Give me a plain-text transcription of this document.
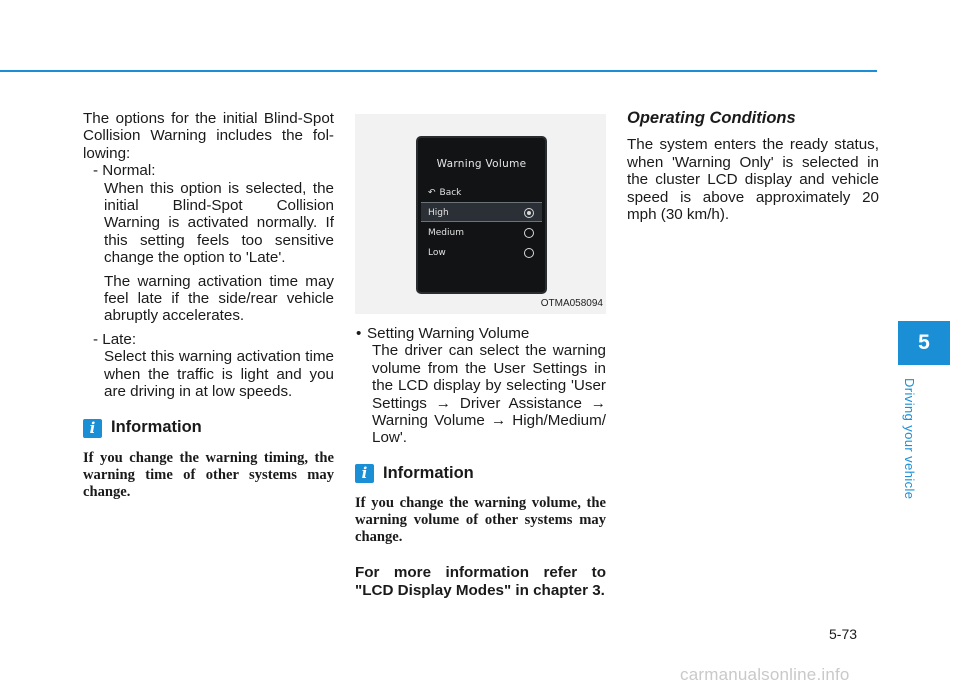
The options for the initial Blind-Spot Collision Warning includes the fol-lowing:

- Normal:

When this option is selected, the initial Blind-Spot Collision Warning is activated normally. If this setting feels too sensitive change the option to 'Late'.

The warning activation time may feel late if the side/rear vehicle abruptly accelerates.

- Late:

Select this warning activation time when the traffic is light and you are driving in at low speeds.

i Information

If you change the warning timing, the warning time of other systems may change.

Warning Volume
↶ Back
High
Medium
Low
OTMA058094

• Setting Warning Volume

The driver can select the warning volume from the User Settings in the LCD display by selecting 'User Settings → Driver Assistance → Warning Volume → High/Medium/ Low'.

i Information

If you change the warning volume, the warning volume of other systems may change.

For more information refer to "LCD Display Modes" in chapter 3.

Operating Conditions

The system enters the ready status, when 'Warning Only' is selected in the cluster LCD display and vehicle speed is above approximately 20 mph (30 km/h).

5
Driving your vehicle
5-73
carmanualsonline.info
